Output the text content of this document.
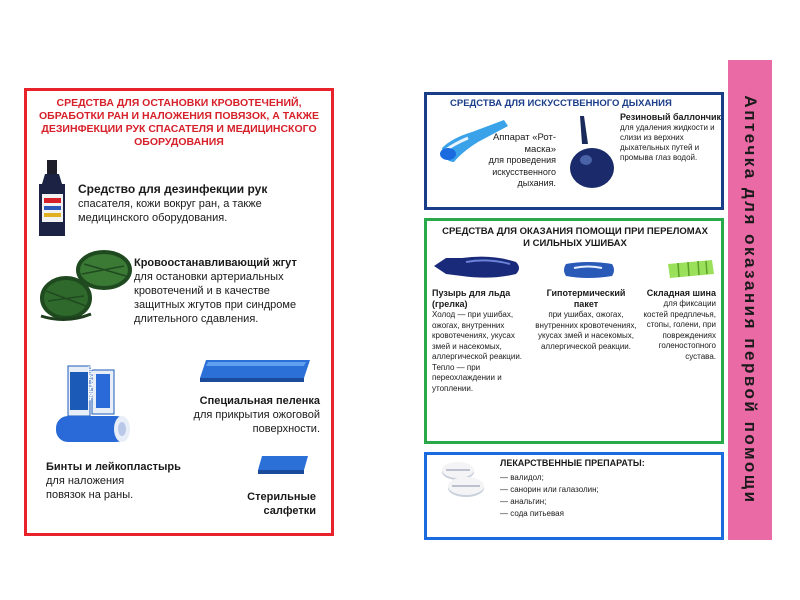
СРЕДСТВА ДЛЯ ОСТАНОВКИ КРОВОТЕЧЕНИЙ, ОБРАБОТКИ РАН И НАЛОЖЕНИЯ ПОВЯЗОК, А ТАКЖЕ ДЕЗИНФЕКЦИИ РУК СПАСАТЕЛЯ И МЕДИЦИНСКОГО ОБОРУДОВАНИЯ
Средство для дезинфекции рук
спасателя, кожи вокруг ран, а также медицинского оборудования.
Кровоостанавливающий жгут
для остановки артериальных кровотечений и в качестве защитных жгутов при синдроме длительного сдавления.
Специальная пеленка
для прикрытия ожоговой поверхности.
ПЛАСТЫРЬ
Бинты и лейкопластырь
для наложения повязок на раны.	Стерильные салфетки
СРЕДСТВА ДЛЯ ИСКУССТВЕННОГО ДЫХАНИЯ
Аппарат «Рот-маска»
для проведения искусственного дыхания.
Резиновый баллончик
для удаления жидкости и слизи из верхних дыхательных путей и промыва глаз водой.
СРЕДСТВА ДЛЯ ОКАЗАНИЯ ПОМОЩИ ПРИ ПЕРЕЛОМАХ И СИЛЬНЫХ УШИБАХ
Пузырь для льда (грелка)
Холод — при ушибах, ожогах, внутренних кровотечениях, укусах змей и насекомых, аллергической реакции. Тепло — при переохлаждении и утоплении.
Гипотермический пакет
при ушибах, ожогах, внутренних кровотечениях, укусах змей и насекомых, аллергической реакции.
Складная шина
для фиксации костей предплечья, стопы, голени, при повреждениях голеностопного сустава.
ЛЕКАРСТВЕННЫЕ ПРЕПАРАТЫ:
— валидол;
— санорин или галазолин;
— анальгин;
— сода питьевая
Аптечка для оказания первой помощи
